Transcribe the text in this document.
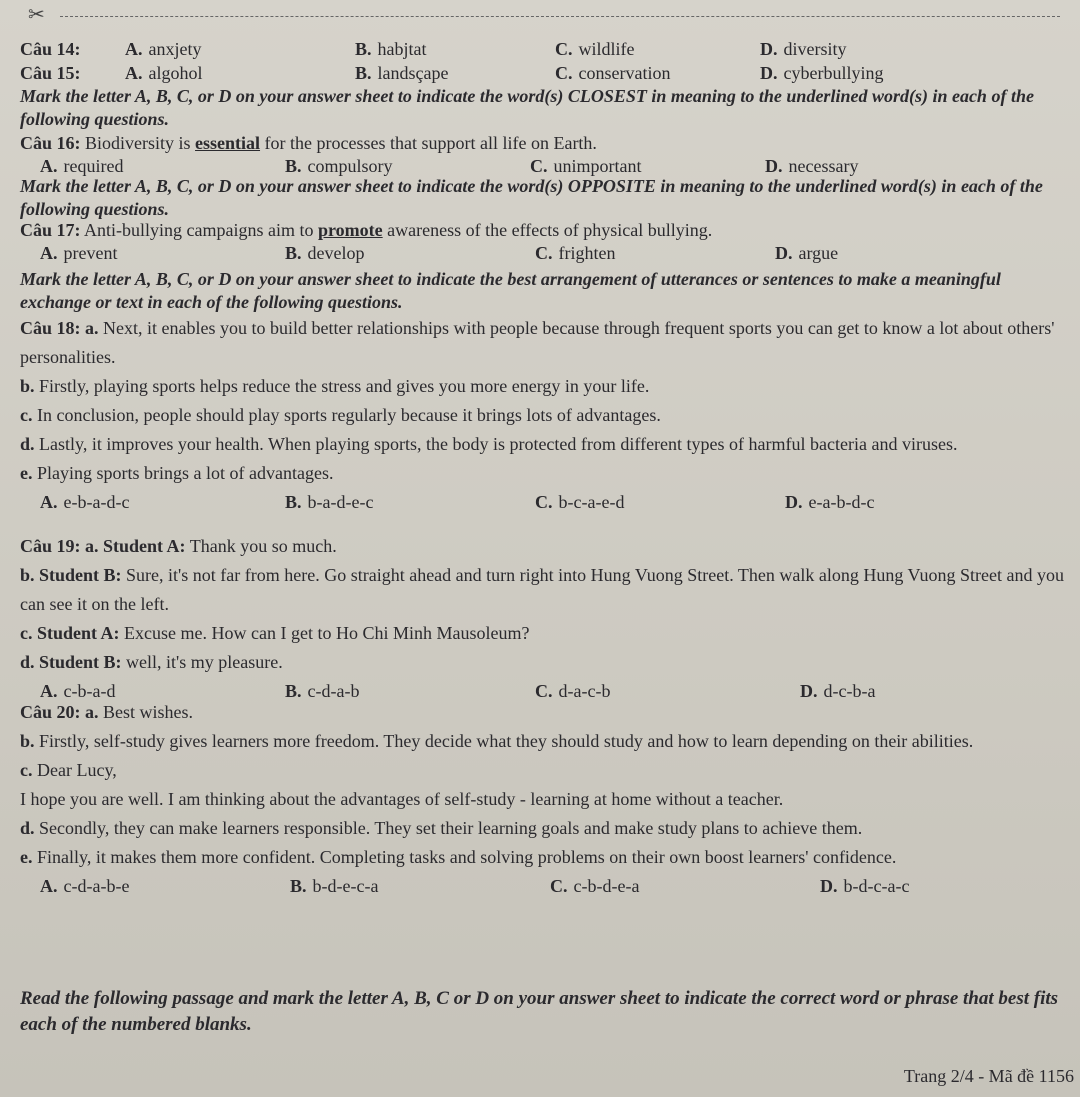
✂
Câu 14:	A. anxjety	B. habjtat	C. wildlife	D. diversity
Câu 15:	A. algohol	B. landsçape	C. conservation	D. cyberbullying

Mark the letter A, B, C, or D on your answer sheet to indicate the word(s) CLOSEST in meaning to the underlined word(s) in each of the following questions.

Câu 16: Biodiversity is essential for the processes that support all life on Earth.

A. required	B. compulsory	C. unimportant	D. necessary

Mark the letter A, B, C, or D on your answer sheet to indicate the word(s) OPPOSITE in meaning to the underlined word(s) in each of the following questions.

Câu 17: Anti-bullying campaigns aim to promote awareness of the effects of physical bullying.

A. prevent	B. develop	C. frighten	D. argue

Mark the letter A, B, C, or D on your answer sheet to indicate the best arrangement of utterances or sentences to make a meaningful exchange or text in each of the following questions.

Câu 18: a. Next, it enables you to build better relationships with people because through frequent sports you can get to know a lot about others' personalities.

b. Firstly, playing sports helps reduce the stress and gives you more energy in your life.

c. In conclusion, people should play sports regularly because it brings lots of advantages.

d. Lastly, it improves your health. When playing sports, the body is protected from different types of harmful bacteria and viruses.

e. Playing sports brings a lot of advantages.

A. e-b-a-d-c	B. b-a-d-e-c	C. b-c-a-e-d	D. e-a-b-d-c

Câu 19: a. Student A: Thank you so much.

b. Student B: Sure, it's not far from here. Go straight ahead and turn right into Hung Vuong Street. Then walk along Hung Vuong Street and you can see it on the left.

c. Student A: Excuse me. How can I get to Ho Chi Minh Mausoleum?

d. Student B: well, it's my pleasure.

A. c-b-a-d	B. c-d-a-b	C. d-a-c-b	D. d-c-b-a

Câu 20: a. Best wishes.

b. Firstly, self-study gives learners more freedom. They decide what they should study and how to learn depending on their abilities.

c. Dear Lucy,

I hope you are well. I am thinking about the advantages of self-study - learning at home without a teacher.

d. Secondly, they can make learners responsible. They set their learning goals and make study plans to achieve them.

e. Finally, it makes them more confident. Completing tasks and solving problems on their own boost learners' confidence.

A. c-d-a-b-e	B. b-d-e-c-a	C. c-b-d-e-a	D. b-d-c-a-c

Read the following passage and mark the letter A, B, C or D on your answer sheet to indicate the correct word or phrase that best fits each of the numbered blanks.

Trang 2/4 - Mã đề 1156
